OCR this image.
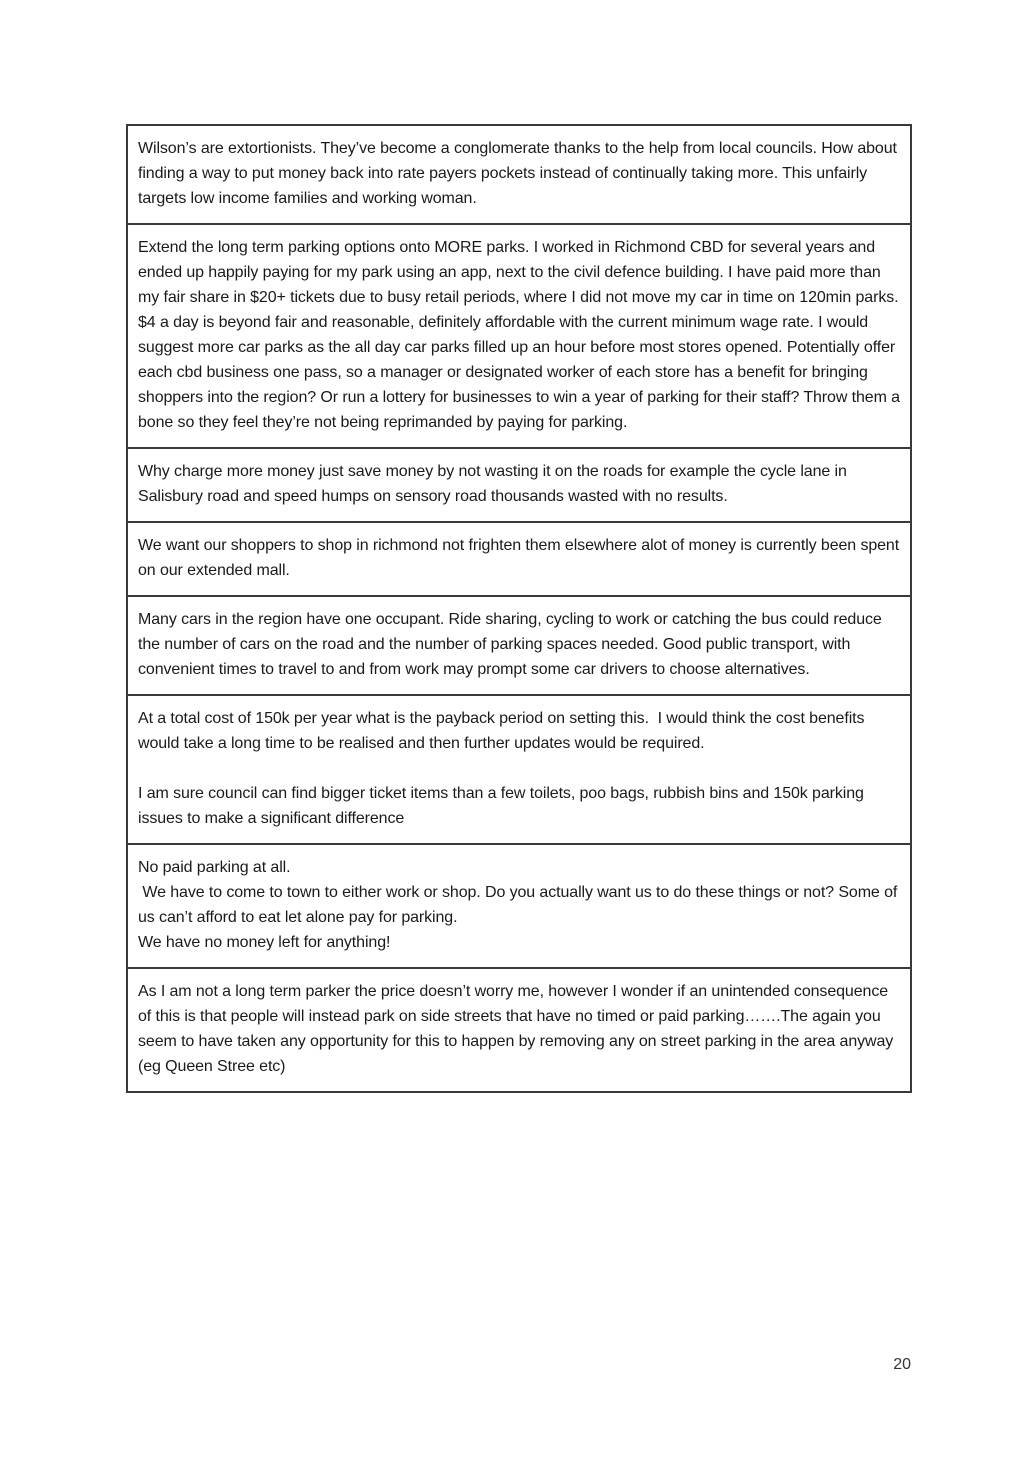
Wilson’s are extortionists. They’ve become a conglomerate thanks to the help from local councils. How about finding a way to put money back into rate payers pockets instead of continually taking more. This unfairly targets low income families and working woman.

Extend the long term parking options onto MORE parks. I worked in Richmond CBD for several years and ended up happily paying for my park using an app, next to the civil defence building. I have paid more than my fair share in $20+ tickets due to busy retail periods, where I did not move my car in time on 120min parks. $4 a day is beyond fair and reasonable, definitely affordable with the current minimum wage rate. I would suggest more car parks as the all day car parks filled up an hour before most stores opened. Potentially offer each cbd business one pass, so a manager or designated worker of each store has a benefit for bringing shoppers into the region? Or run a lottery for businesses to win a year of parking for their staff? Throw them a bone so they feel they’re not being reprimanded by paying for parking.

Why charge more money just save money by not wasting it on the roads for example the cycle lane in Salisbury road and speed humps on sensory road thousands wasted with no results.

We want our shoppers to shop in richmond not frighten them elsewhere alot of money is currently been spent on our extended mall.

Many cars in the region have one occupant. Ride sharing, cycling to work or catching the bus could reduce the number of cars on the road and the number of parking spaces needed. Good public transport, with convenient times to travel to and from work may prompt some car drivers to choose alternatives.

At a total cost of 150k per year what is the payback period on setting this.  I would think the cost benefits would take a long time to be realised and then further updates would be required.

I am sure council can find bigger ticket items than a few toilets, poo bags, rubbish bins and 150k parking issues to make a significant difference

No paid parking at all.

We have to come to town to either work or shop. Do you actually want us to do these things or not? Some of us can’t afford to eat let alone pay for parking.

We have no money left for anything!

As I am not a long term parker the price doesn’t worry me, however I wonder if an unintended consequence of this is that people will instead park on side streets that have no timed or paid parking…….The again you seem to have taken any opportunity for this to happen by removing any on street parking in the area anyway (eg Queen Stree etc)

20
